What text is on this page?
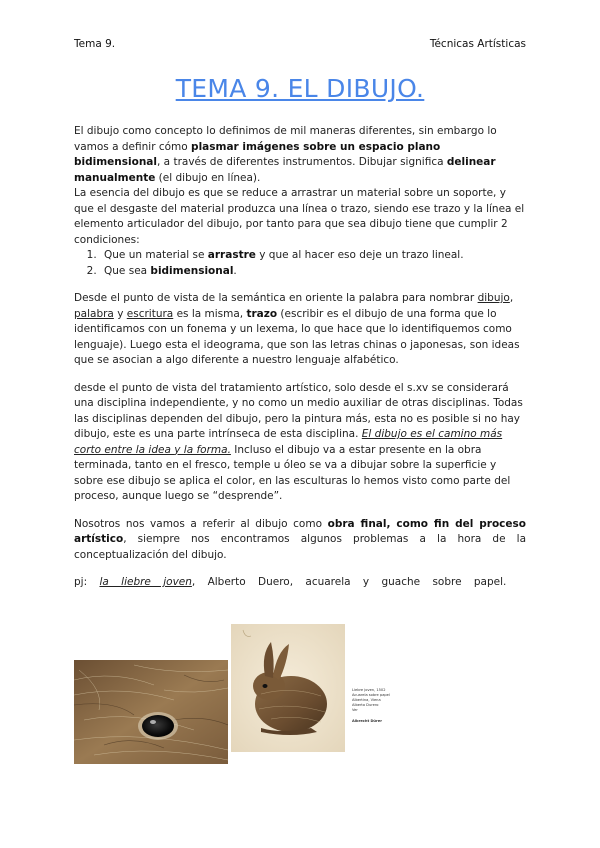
Tema 9.	Técnicas Artísticas
TEMA 9. EL DIBUJO.

El dibujo como concepto lo definimos de mil maneras diferentes, sin embargo lo vamos a definir cómo plasmar imágenes sobre un espacio plano bidimensional, a través de diferentes instrumentos. Dibujar significa delinear manualmente (el dibujo en línea).

La esencia del dibujo es que se reduce a arrastrar un material sobre un soporte, y que el desgaste del material produzca una línea o trazo, siendo ese trazo y la línea el elemento articulador del dibujo, por tanto para que sea dibujo tiene que cumplir 2 condiciones:

1. Que un material se arrastre y que al hacer eso deje un trazo lineal.
2. Que sea bidimensional.

Desde el punto de vista de la semántica en oriente la palabra para nombrar dibujo, palabra y escritura es la misma, trazo (escribir es el dibujo de una forma que lo identificamos con un fonema y un lexema, lo que hace que lo identifiquemos como lenguaje). Luego esta el ideograma, que son las letras chinas o japonesas, son ideas que se asocian a algo diferente a nuestro lenguaje alfabético.

desde el punto de vista del tratamiento artístico, solo desde el s.xv se considerará una disciplina independiente, y no como un medio auxiliar de otras disciplinas. Todas las disciplinas dependen del dibujo, pero la pintura más, esta no es posible si no hay dibujo, este es una parte intrínseca de esta disciplina. El dibujo es el camino más corto entre la idea y la forma. Incluso el dibujo va a estar presente en la obra terminada, tanto en el fresco, temple u óleo se va a dibujar sobre la superficie y sobre ese dibujo se aplica el color, en las esculturas lo hemos visto como parte del proceso, aunque luego se “desprende”.

Nosotros nos vamos a referir al dibujo como obra final, como fin del proceso artístico, siempre nos encontramos algunos problemas a la hora de la conceptualización del dibujo.

pj: la liebre joven, Alberto Duero, acuarela y guache sobre papel.

Liebre joven, 1502
Acuarela sobre papel
Albertina, Viena
Alberto Durero
Ver
Albrecht Dürer
